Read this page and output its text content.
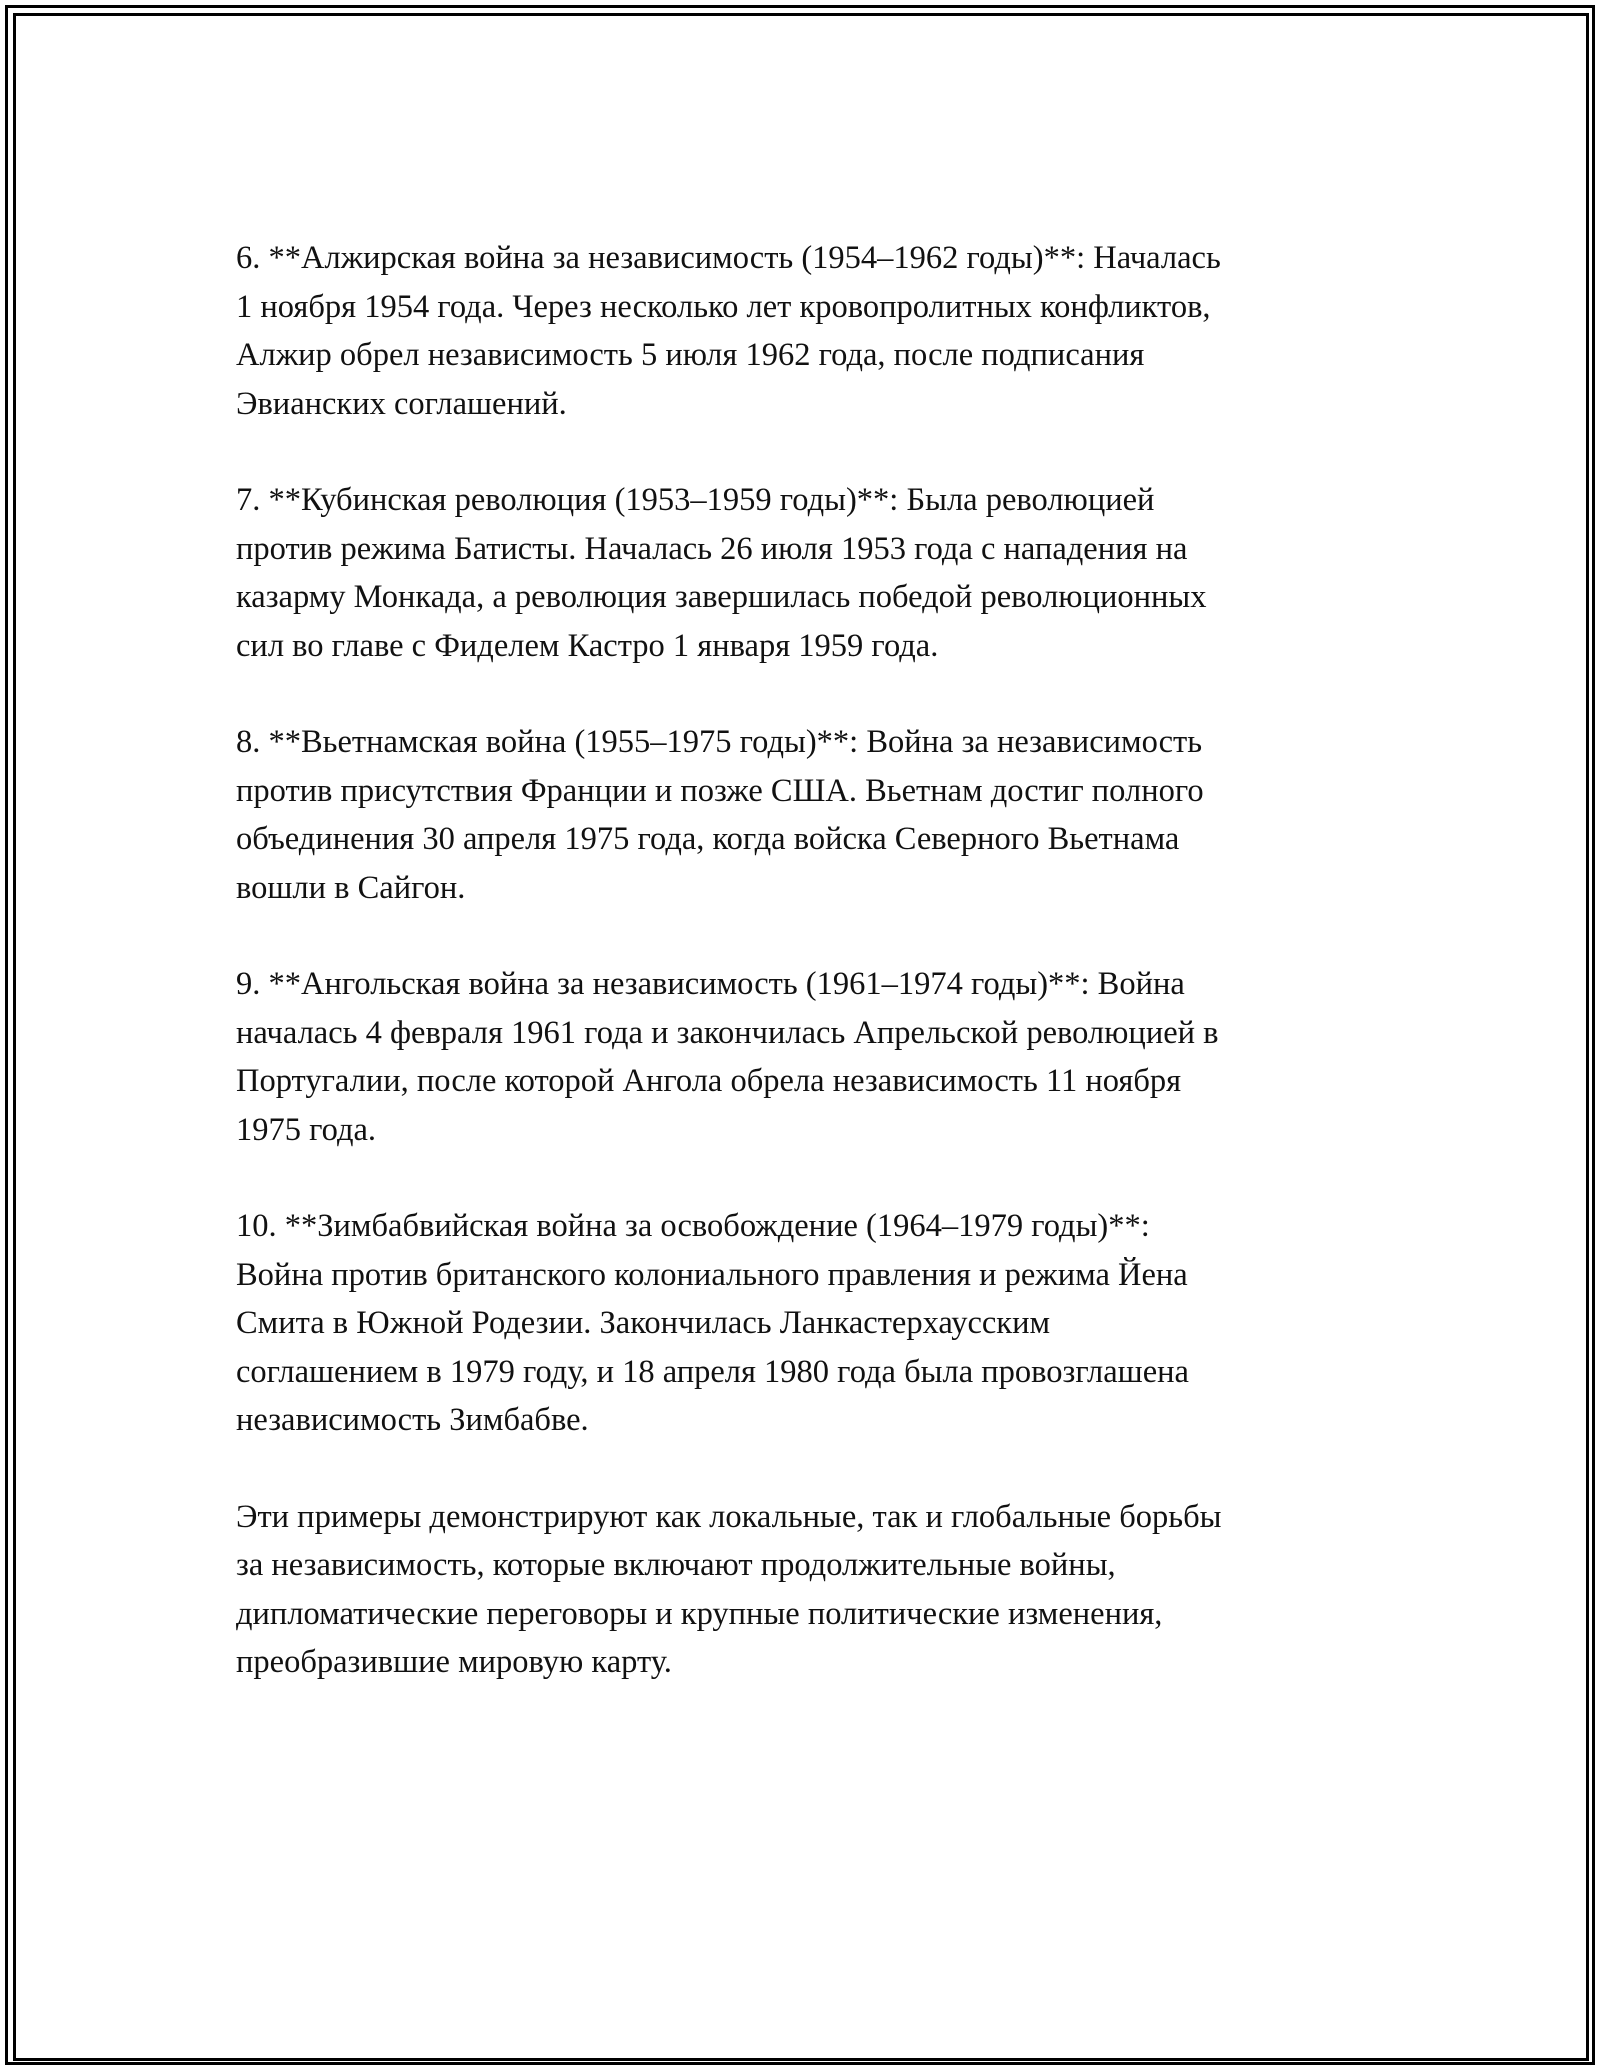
6. **Алжирская война за независимость (1954–1962 годы)**: Началась
1 ноября 1954 года. Через несколько лет кровопролитных конфликтов,
Алжир обрел независимость 5 июля 1962 года, после подписания
Эвианских соглашений.

7. **Кубинская революция (1953–1959 годы)**: Была революцией
против режима Батисты. Началась 26 июля 1953 года с нападения на
казарму Монкада, а революция завершилась победой революционных
сил во главе с Фиделем Кастро 1 января 1959 года.

8. **Вьетнамская война (1955–1975 годы)**: Война за независимость
против присутствия Франции и позже США. Вьетнам достиг полного
объединения 30 апреля 1975 года, когда войска Северного Вьетнама
вошли в Сайгон.

9. **Ангольская война за независимость (1961–1974 годы)**: Война
началась 4 февраля 1961 года и закончилась Апрельской революцией в
Португалии, после которой Ангола обрела независимость 11 ноября
1975 года.

10. **Зимбабвийская война за освобождение (1964–1979 годы)**:
Война против британского колониального правления и режима Йена
Смита в Южной Родезии. Закончилась Ланкастерхаусским
соглашением в 1979 году, и 18 апреля 1980 года была провозглашена
независимость Зимбабве.

Эти примеры демонстрируют как локальные, так и глобальные борьбы
за независимость, которые включают продолжительные войны,
дипломатические переговоры и крупные политические изменения,
преобразившие мировую карту.
